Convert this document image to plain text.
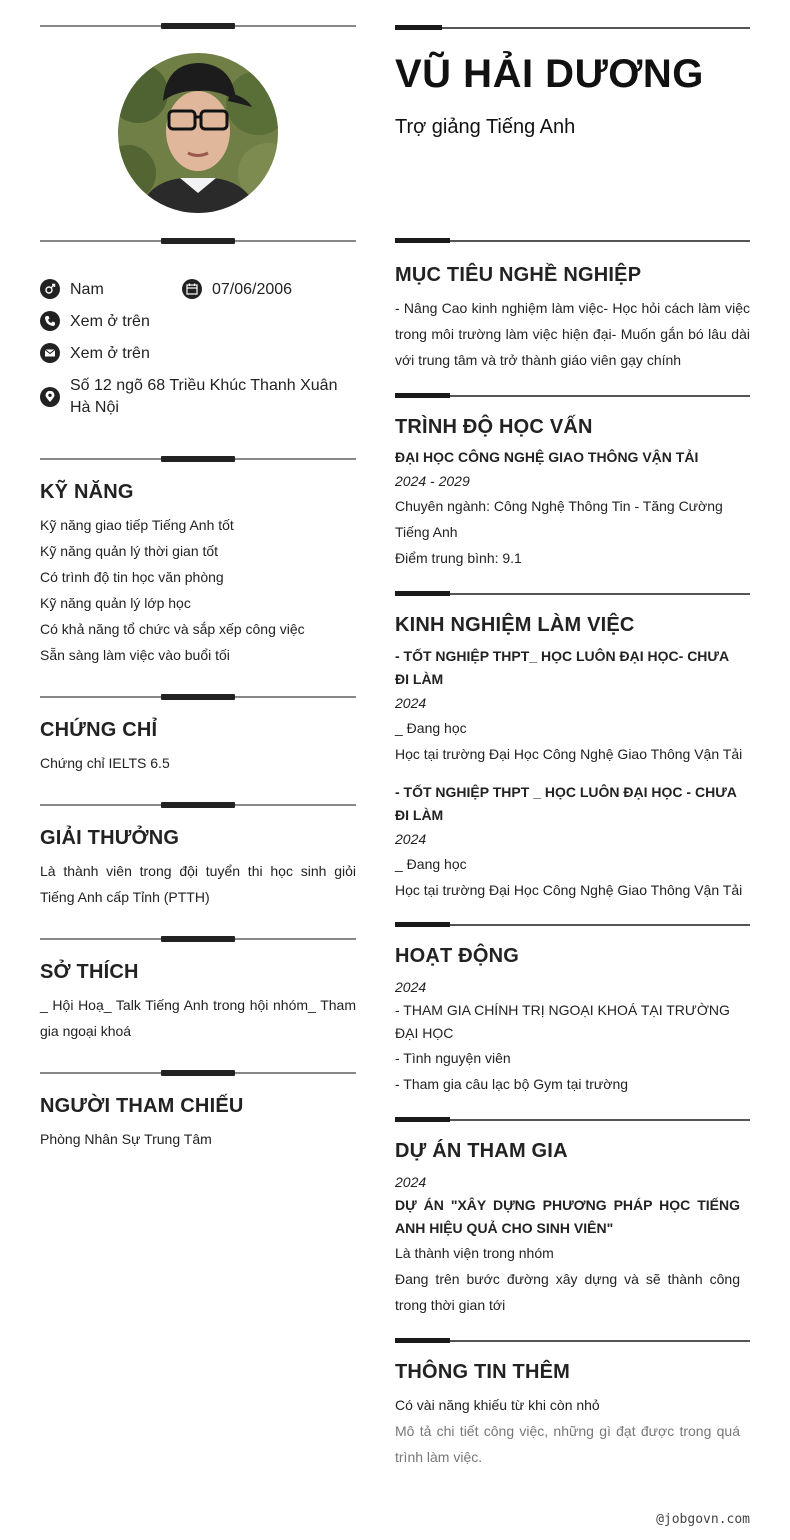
Nam	07/06/2006
Xem ở trên
Xem ở trên
Số 12 ngõ 68 Triều Khúc Thanh Xuân Hà Nội
KỸ NĂNG
Kỹ năng giao tiếp Tiếng Anh tốt
Kỹ năng quản lý thời gian tốt
Có trình độ tin học văn phòng
Kỹ năng quản lý lớp học
Có khả năng tổ chức và sắp xếp công việc
Sẵn sàng làm việc vào buổi tối
CHỨNG CHỈ
Chứng chỉ IELTS 6.5
GIẢI THƯỞNG
Là thành viên trong đội tuyển thi học sinh giỏi Tiếng Anh cấp Tỉnh (PTTH)
SỞ THÍCH
_ Hội Hoạ_ Talk Tiếng Anh trong hội nhóm_ Tham gia ngoại khoá
NGƯỜI THAM CHIẾU
Phòng Nhân Sự Trung Tâm
VŨ HẢI DƯƠNG
Trợ giảng Tiếng Anh
MỤC TIÊU NGHỀ NGHIỆP
- Nâng Cao kinh nghiệm làm việc- Học hỏi cách làm việc trong môi trường làm việc hiện đại- Muốn gắn bó lâu dài với trung tâm và trở thành giáo viên gạy chính
TRÌNH ĐỘ HỌC VẤN
ĐẠI HỌC CÔNG NGHỆ GIAO THÔNG VẬN TẢI
2024 - 2029
Chuyên ngành: Công Nghệ Thông Tin - Tăng Cường Tiếng Anh
Điểm trung bình: 9.1
KINH NGHIỆM LÀM VIỆC
- TỐT NGHIỆP THPT_ HỌC LUÔN ĐẠI HỌC- CHƯA ĐI LÀM
2024
_ Đang học
Học tại trường Đại Học Công Nghệ Giao Thông Vận Tải
- TỐT NGHIỆP THPT _ HỌC LUÔN ĐẠI HỌC - CHƯA ĐI LÀM
2024
_ Đang học
Học tại trường Đại Học Công Nghệ Giao Thông Vận Tải
HOẠT ĐỘNG
2024
- THAM GIA CHÍNH TRỊ NGOẠI KHOÁ TẠI TRƯỜNG ĐẠI HỌC
- Tình nguyện viên
- Tham gia câu lạc bộ Gym tại trường
DỰ ÁN THAM GIA
2024
DỰ ÁN "XÂY DỰNG PHƯƠNG PHÁP HỌC TIẾNG ANH HIỆU QUẢ CHO SINH VIÊN"
Là thành viện trong nhóm
Đang trên bước đường xây dựng và sẽ thành công trong thời gian tới
THÔNG TIN THÊM
Có vài năng khiếu từ khi còn nhỏ
Mô tả chi tiết công việc, những gì đạt được trong quá trình làm việc.
@jobgovn.com
